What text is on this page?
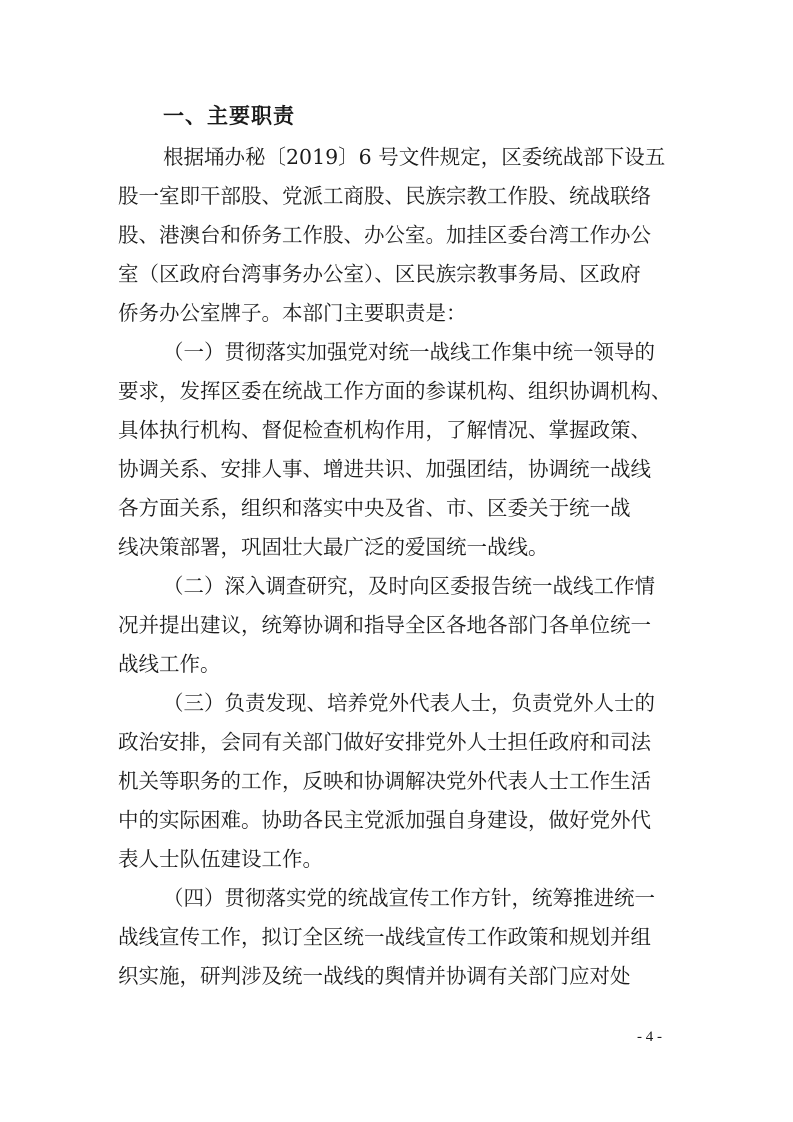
一、主要职责
根据埇办秘〔2019〕6 号文件规定，区委统战部下设五
股一室即干部股、党派工商股、民族宗教工作股、统战联络
股、港澳台和侨务工作股、办公室。加挂区委台湾工作办公
室（区政府台湾事务办公室）、区民族宗教事务局、区政府
侨务办公室牌子。本部门主要职责是：
（一）贯彻落实加强党对统一战线工作集中统一领导的
要求，发挥区委在统战工作方面的参谋机构、组织协调机构、
具体执行机构、督促检查机构作用，了解情况、掌握政策、
协调关系、安排人事、增进共识、加强团结，协调统一战线
各方面关系，组织和落实中央及省、市、区委关于统一战
线决策部署，巩固壮大最广泛的爱国统一战线。
（二）深入调查研究，及时向区委报告统一战线工作情
况并提出建议，统筹协调和指导全区各地各部门各单位统一
战线工作。
（三）负责发现、培养党外代表人士，负责党外人士的
政治安排，会同有关部门做好安排党外人士担任政府和司法
机关等职务的工作，反映和协调解决党外代表人士工作生活
中的实际困难。协助各民主党派加强自身建设，做好党外代
表人士队伍建设工作。
（四）贯彻落实党的统战宣传工作方针，统筹推进统一
战线宣传工作，拟订全区统一战线宣传工作政策和规划并组
织实施，研判涉及统一战线的舆情并协调有关部门应对处
- 4 -
